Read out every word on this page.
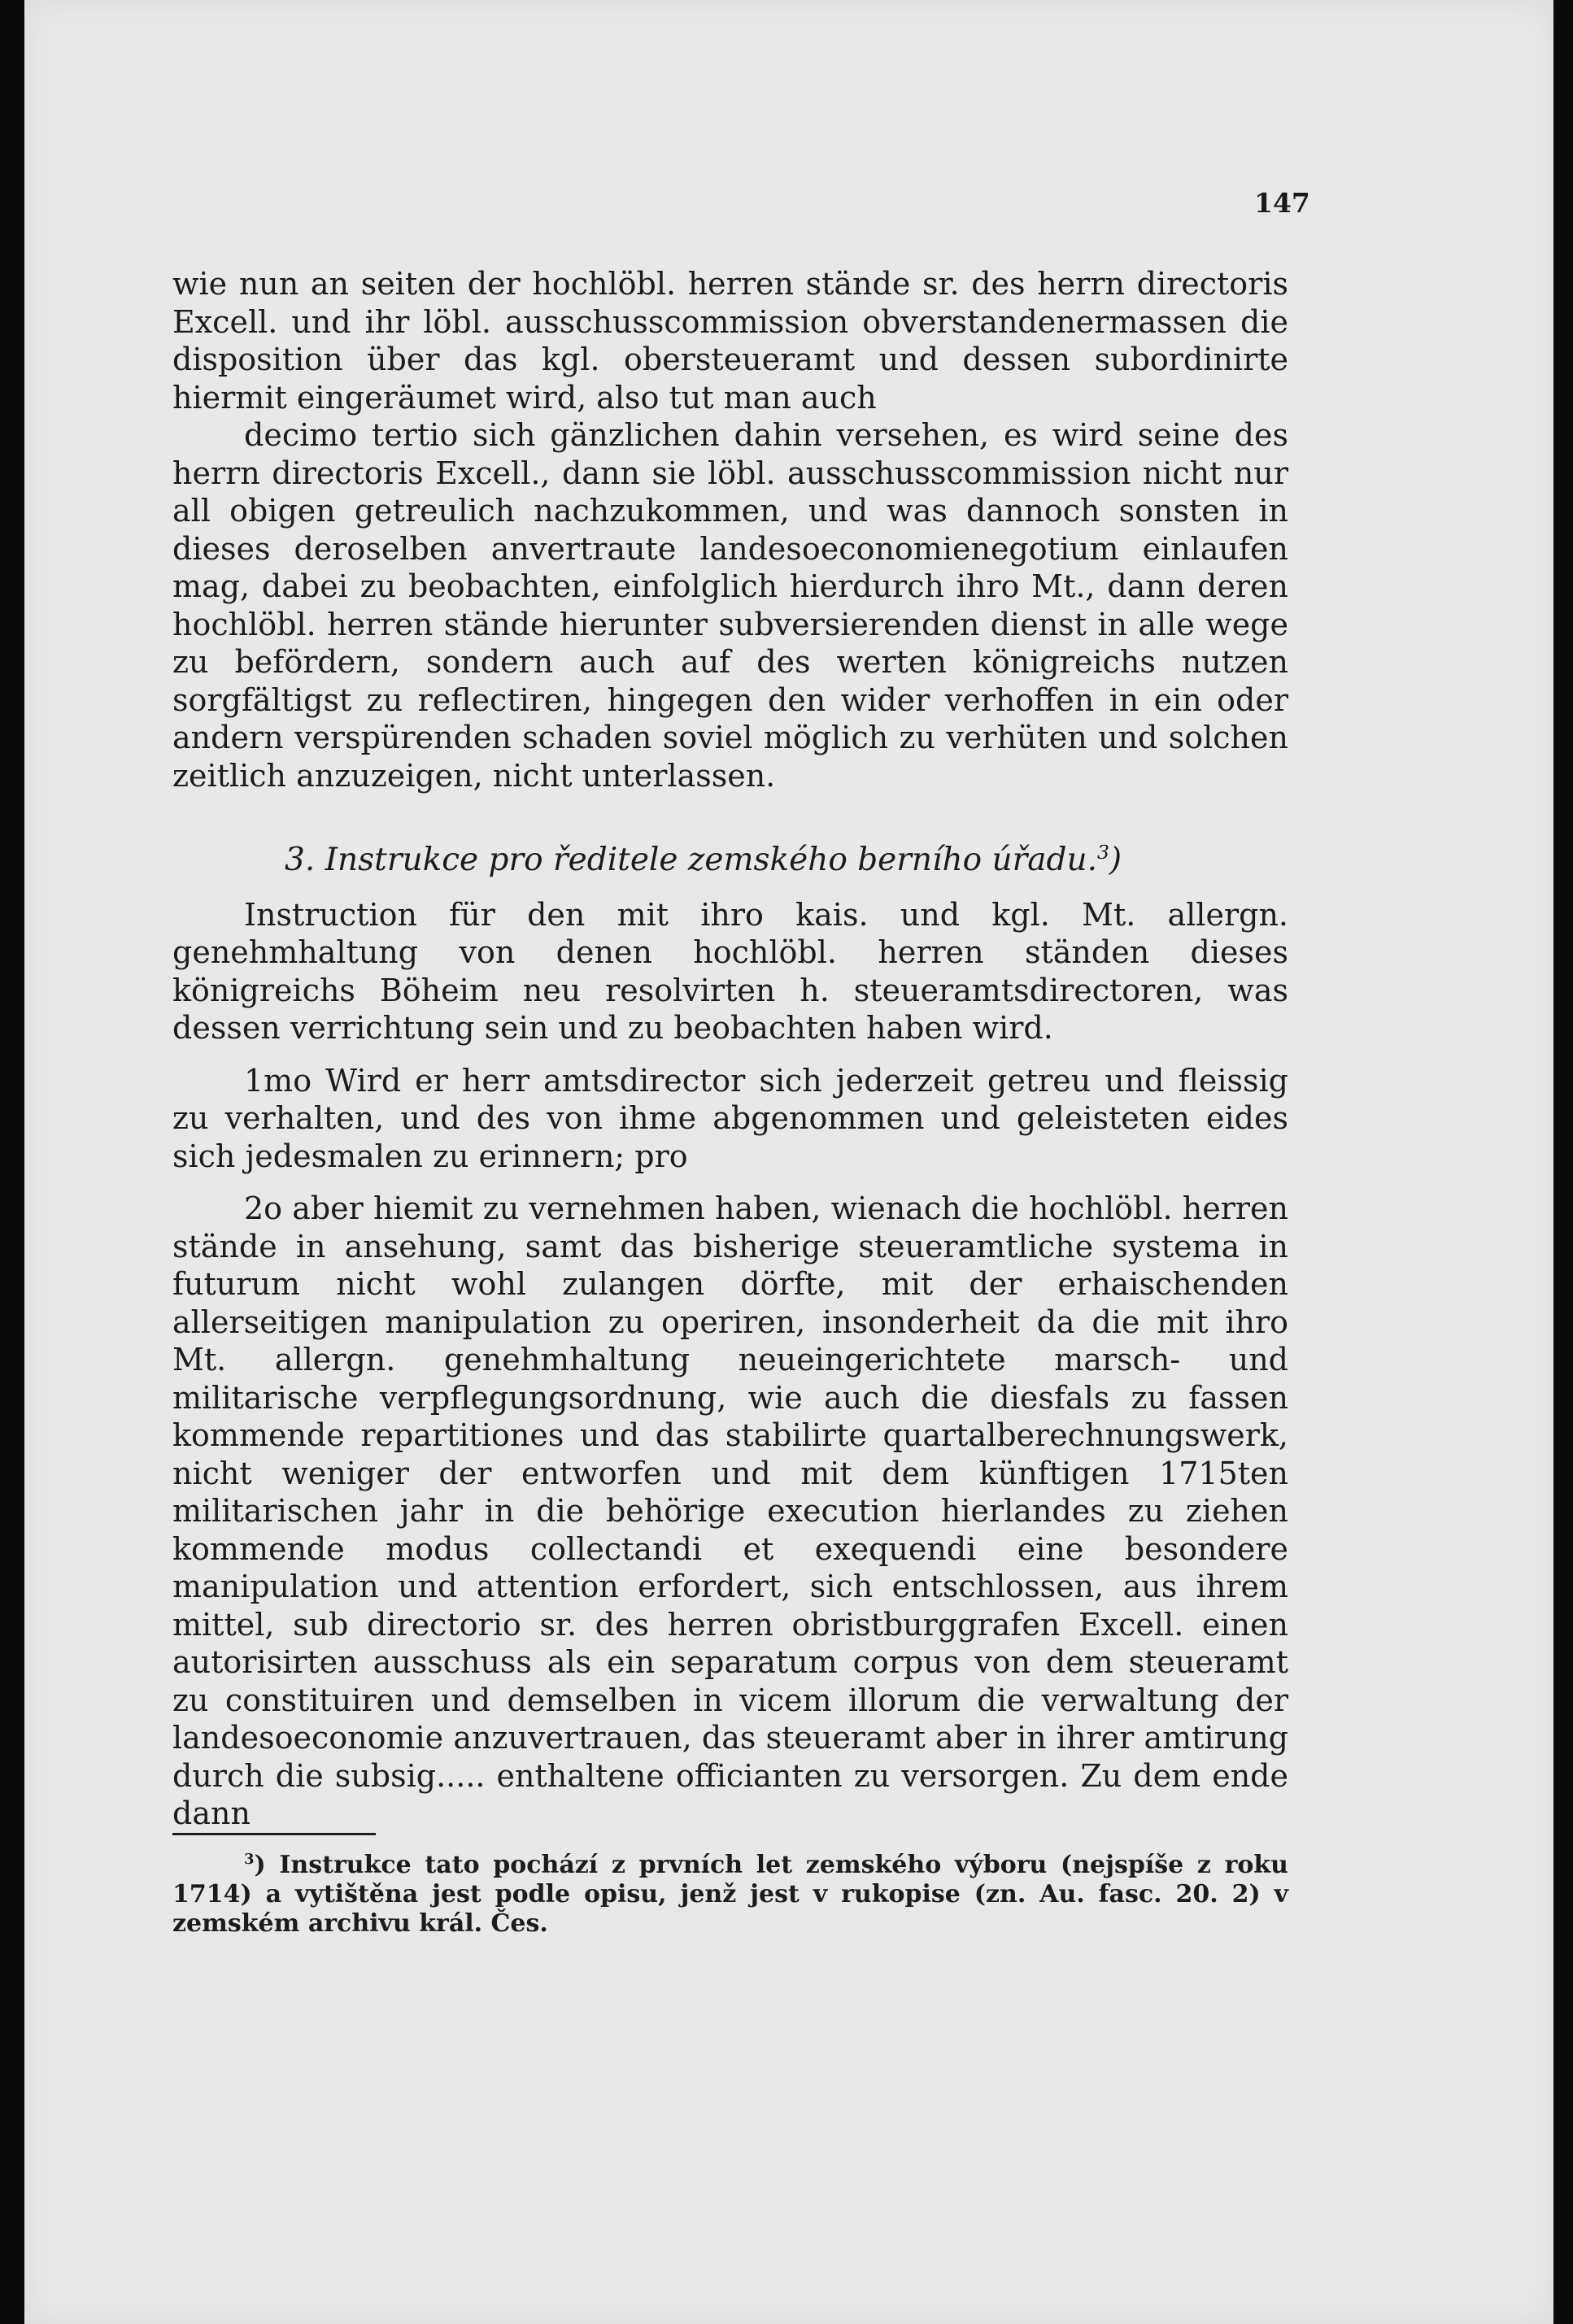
147

wie nun an seiten der hochlöbl. herren stände sr. des herrn directoris Excell. und ihr löbl. ausschusscommission obverstandenermassen die disposition über das kgl. obersteueramt und dessen subordinirte hiermit eingeräumet wird, also tut man auch

decimo tertio sich gänzlichen dahin versehen, es wird seine des herrn directoris Excell., dann sie löbl. ausschusscommission nicht nur all obigen getreulich nachzukommen, und was dannoch sonsten in dieses deroselben anvertraute landesoeconomienegotium einlaufen mag, dabei zu beobachten, einfolglich hierdurch ihro Mt., dann deren hochlöbl. herren stände hierunter subversierenden dienst in alle wege zu befördern, sondern auch auf des werten königreichs nutzen sorgfältigst zu reflectiren, hingegen den wider verhoffen in ein oder andern verspürenden schaden soviel möglich zu verhüten und solchen zeitlich anzuzeigen, nicht unterlassen.

3. Instrukce pro ředitele zemského berního úřadu.$^3$)

Instruction für den mit ihro kais. und kgl. Mt. allergn. genehmhaltung von denen hochlöbl. herren ständen dieses königreichs Böheim neu resolvirten h. steueramtsdirectoren, was dessen verrichtung sein und zu beobachten haben wird.

1mo Wird er herr amtsdirector sich jederzeit getreu und fleissig zu verhalten, und des von ihme abgenommen und geleisteten eides sich jedesmalen zu erinnern; pro

2o aber hiemit zu vernehmen haben, wienach die hochlöbl. herren stände in ansehung, samt das bisherige steueramtliche systema in futurum nicht wohl zulangen dörfte, mit der erhaischenden allerseitigen manipulation zu operiren, insonderheit da die mit ihro Mt. allergn. genehmhaltung neueingerichtete marsch- und militarische verpflegungsordnung, wie auch die diesfals zu fassen kommende repartitiones und das stabilirte quartalberechnungswerk, nicht weniger der entworfen und mit dem künftigen 1715ten militarischen jahr in die behörige execution hierlandes zu ziehen kommende modus collectandi et exequendi eine besondere manipulation und attention erfordert, sich entschlossen, aus ihrem mittel, sub directorio sr. des herren obristburggrafen Excell. einen autorisirten ausschuss als ein separatum corpus von dem steueramt zu constituiren und demselben in vicem illorum die verwaltung der landesoeconomie anzuvertrauen, das steueramt aber in ihrer amtirung durch die subsig..... enthaltene officianten zu versorgen. Zu dem ende dann

$^3$) Instrukce tato pochází z prvních let zemského výboru (nejspíše z roku 1714) a vytištěna jest podle opisu, jenž jest v rukopise (zn. Au. fasc. 20. 2) v zemském archivu král. Čes.
